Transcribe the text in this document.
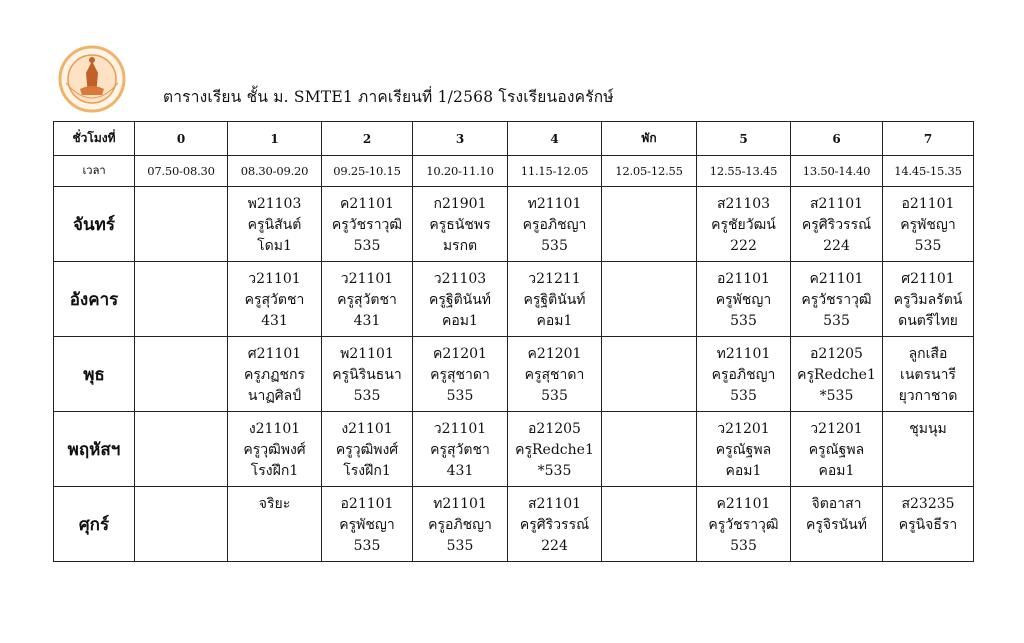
ตารางเรียน ชั้น ม. SMTE1 ภาคเรียนที่ 1/2568 โรงเรียนองครักษ์
ชั่วโมงที่	0	1	2	3	4	พัก	5	6	7
เวลา	07.50-08.30	08.30-09.20	09.25-10.15	10.20-11.10	11.15-12.05	12.05-12.55	12.55-13.45	13.50-14.40	14.45-15.35
จันทร์		พ21103
ครูนิสันต์
โดม1	ค21101
ครูวัชราวุฒิ
535	ก21901
ครูธนัชพร
มรกต	ท21101
ครูอภิชญา
535		ส21103
ครูชัยวัฒน์
222	ส21101
ครูศิริวรรณ์
224	อ21101
ครูพัชญา
535

อังคาร		ว21101
ครูสุวัตชา
431	ว21101
ครูสุวัตชา
431	ว21103
ครูฐิตินันท์
คอม1	ว21211
ครูฐิตินันท์
คอม1		อ21101
ครูพัชญา
535	ค21101
ครูวัชราวุฒิ
535	ศ21101
ครูวิมลรัตน์
ดนตรีไทย

พุธ		ศ21101
ครูภฏชกร
นาฏศิลป์	พ21101
ครูนิรินธนา
535	ค21201
ครูสุชาดา
535	ค21201
ครูสุชาดา
535		ท21101
ครูอภิชญา
535	อ21205
ครูRedche1
*535	ลูกเสือ
เนตรนารี
ยุวกาชาด

พฤหัสฯ		ง21101
ครูวุฒิพงศ์
โรงฝึก1	ง21101
ครูวุฒิพงศ์
โรงฝึก1	ว21101
ครูสุวัตชา
431	อ21205
ครูRedche1
*535		ว21201
ครูณัฐพล
คอม1	ว21201
ครูณัฐพล
คอม1	ชุมนุม

ศุกร์		จริยะ	อ21101
ครูพัชญา
535	ท21101
ครูอภิชญา
535	ส21101
ครูศิริวรรณ์
224		ค21101
ครูวัชราวุฒิ
535	จิตอาสา
ครูจิรนันท์	ส23235
ครูนิจธีรา
